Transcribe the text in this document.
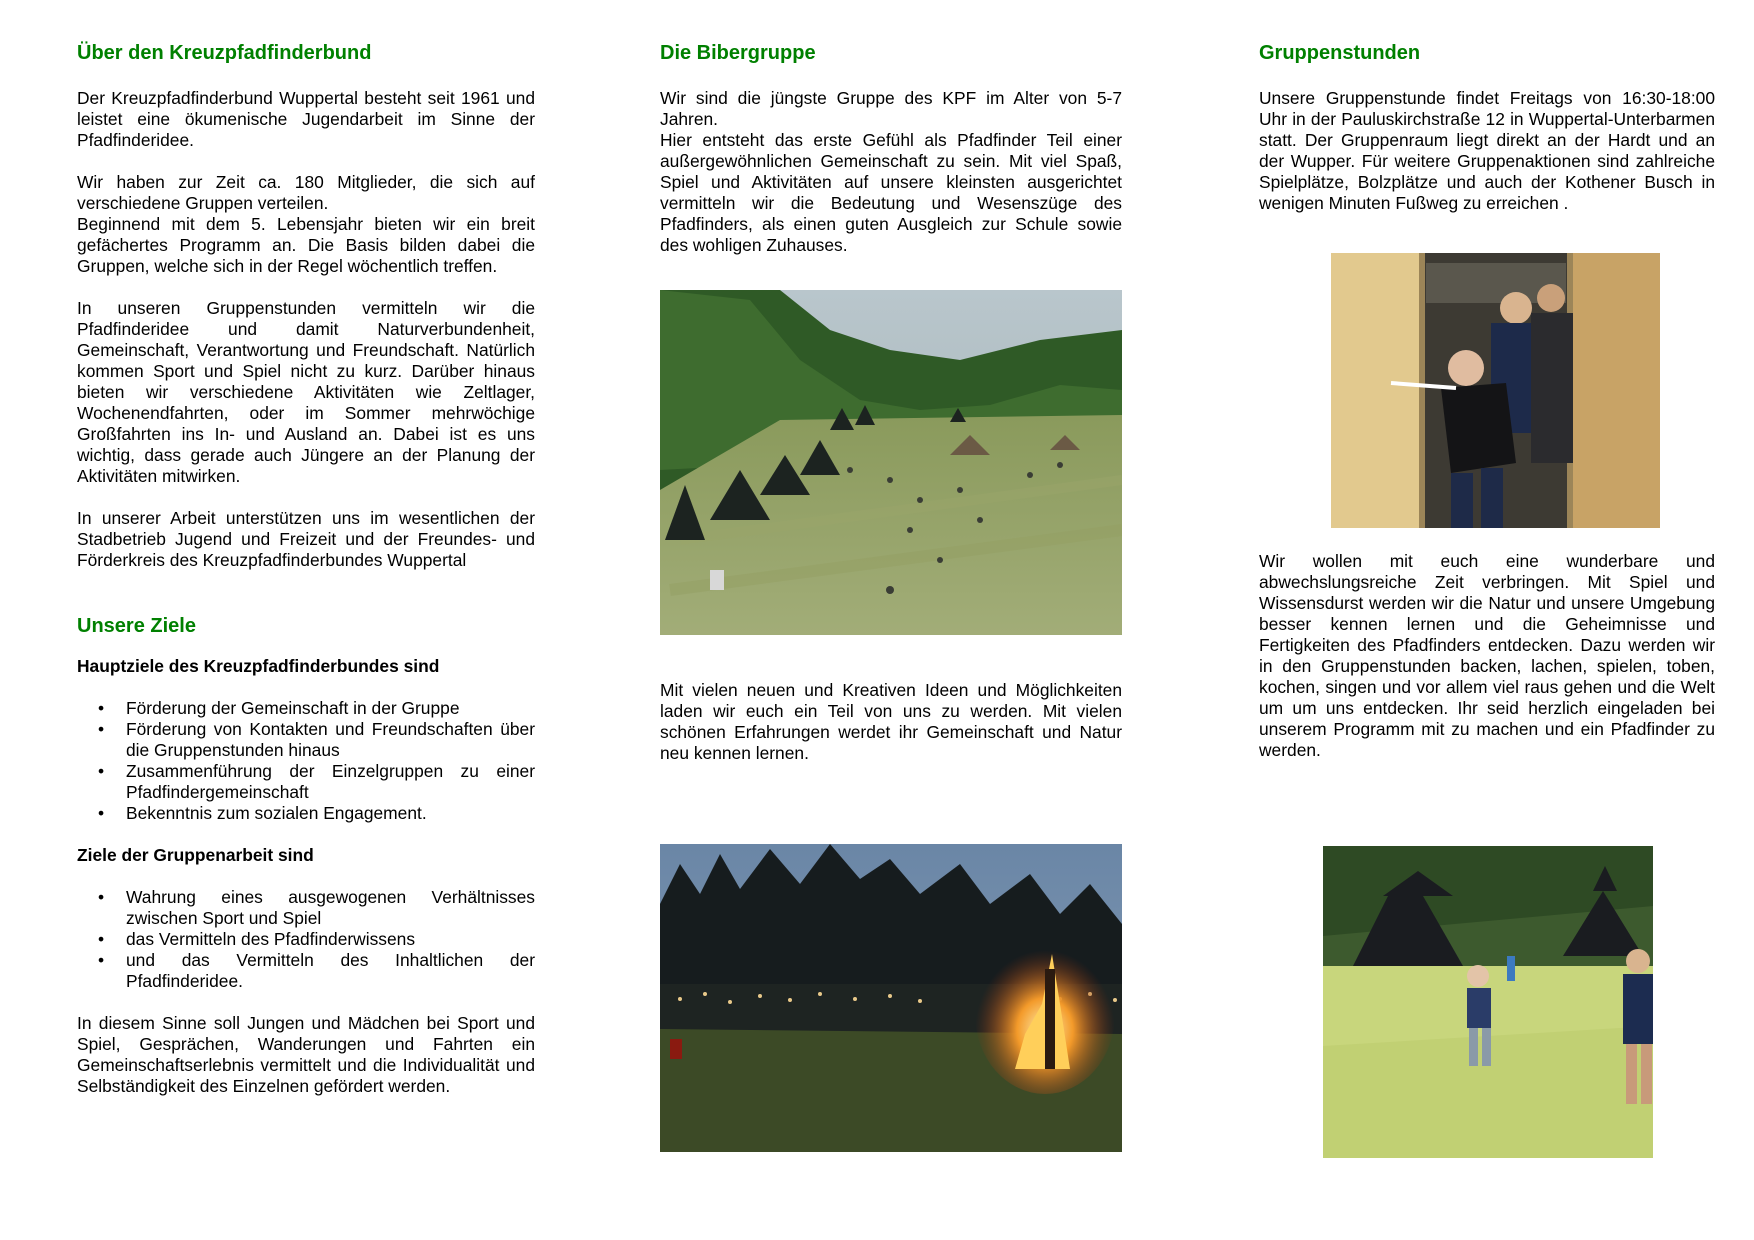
Über den Kreuzpfadfinderbund

Der Kreuzpfadfinderbund Wuppertal besteht seit 1961 und leistet eine ökumenische Jugendarbeit im Sinne der Pfadfinderidee.

Wir haben zur Zeit ca. 180 Mitglieder, die sich auf verschiedene Gruppen verteilen.

Beginnend mit dem 5. Lebensjahr bieten wir ein breit gefächertes Programm an. Die Basis bilden dabei die Gruppen, welche sich in der Regel wöchentlich treffen.

In unseren Gruppenstunden vermitteln wir die Pfadfinderidee und damit Naturverbundenheit, Gemeinschaft, Verantwortung und Freundschaft. Natürlich kommen Sport und Spiel nicht zu kurz. Darüber hinaus bieten wir verschiedene Aktivitäten wie Zeltlager, Wochenendfahrten, oder im Sommer mehrwöchige Großfahrten ins In- und Ausland an. Dabei ist es uns wichtig, dass gerade auch Jüngere an der Planung der Aktivitäten mitwirken.

In unserer Arbeit unterstützen uns im wesentlichen der Stadbetrieb Jugend und Freizeit und der Freundes- und Förderkreis des Kreuzpfadfinderbundes Wuppertal

Unsere Ziele
Hauptziele des Kreuzpfadfinderbundes sind
• Förderung der Gemeinschaft in der Gruppe
• Förderung von Kontakten und Freundschaften über die Gruppenstunden hinaus
• Zusammenführung der Einzelgruppen zu einer Pfadfindergemeinschaft
• Bekenntnis zum sozialen Engagement.
Ziele der Gruppenarbeit sind
• Wahrung eines ausgewogenen Verhältnisses zwischen Sport und Spiel
• das Vermitteln des Pfadfinderwissens
• und das Vermitteln des Inhaltlichen der Pfadfinderidee.

In diesem Sinne soll Jungen und Mädchen bei Sport und Spiel, Gesprächen, Wanderungen und Fahrten ein Gemeinschaftserlebnis vermittelt und die Individualität und Selbständigkeit des Einzelnen gefördert werden.

Die Bibergruppe

Wir sind die jüngste Gruppe des KPF im Alter von 5-7 Jahren.

Hier entsteht das erste Gefühl als Pfadfinder Teil einer außergewöhnlichen Gemeinschaft zu sein. Mit viel Spaß, Spiel und Aktivitäten auf unsere kleinsten ausgerichtet vermitteln wir die Bedeutung und Wesenszüge des Pfadfinders, als einen guten Ausgleich zur Schule sowie des wohligen Zuhauses.

Mit vielen neuen und Kreativen Ideen und Möglichkeiten laden wir euch ein Teil von uns zu werden. Mit vielen schönen Erfahrungen werdet ihr Gemeinschaft und Natur neu kennen lernen.

Gruppenstunden

Unsere Gruppenstunde findet Freitags von 16:30-18:00 Uhr in der Pauluskirchstraße 12 in Wuppertal-Unterbarmen statt. Der Gruppenraum liegt direkt an der Hardt und an der Wupper. Für weitere Gruppenaktionen sind zahlreiche Spielplätze, Bolzplätze und auch der Kothener Busch in wenigen Minuten Fußweg zu erreichen .

Wir wollen mit euch eine wunderbare und abwechslungsreiche Zeit verbringen. Mit Spiel und Wissensdurst werden wir die Natur und unsere Umgebung besser kennen lernen und die Geheimnisse und Fertigkeiten des Pfadfinders entdecken. Dazu werden wir in den Gruppenstunden backen, lachen, spielen, toben, kochen, singen und vor allem viel raus gehen und die Welt um um uns entdecken. Ihr seid herzlich eingeladen bei unserem Programm mit zu machen und ein Pfadfinder zu werden.
